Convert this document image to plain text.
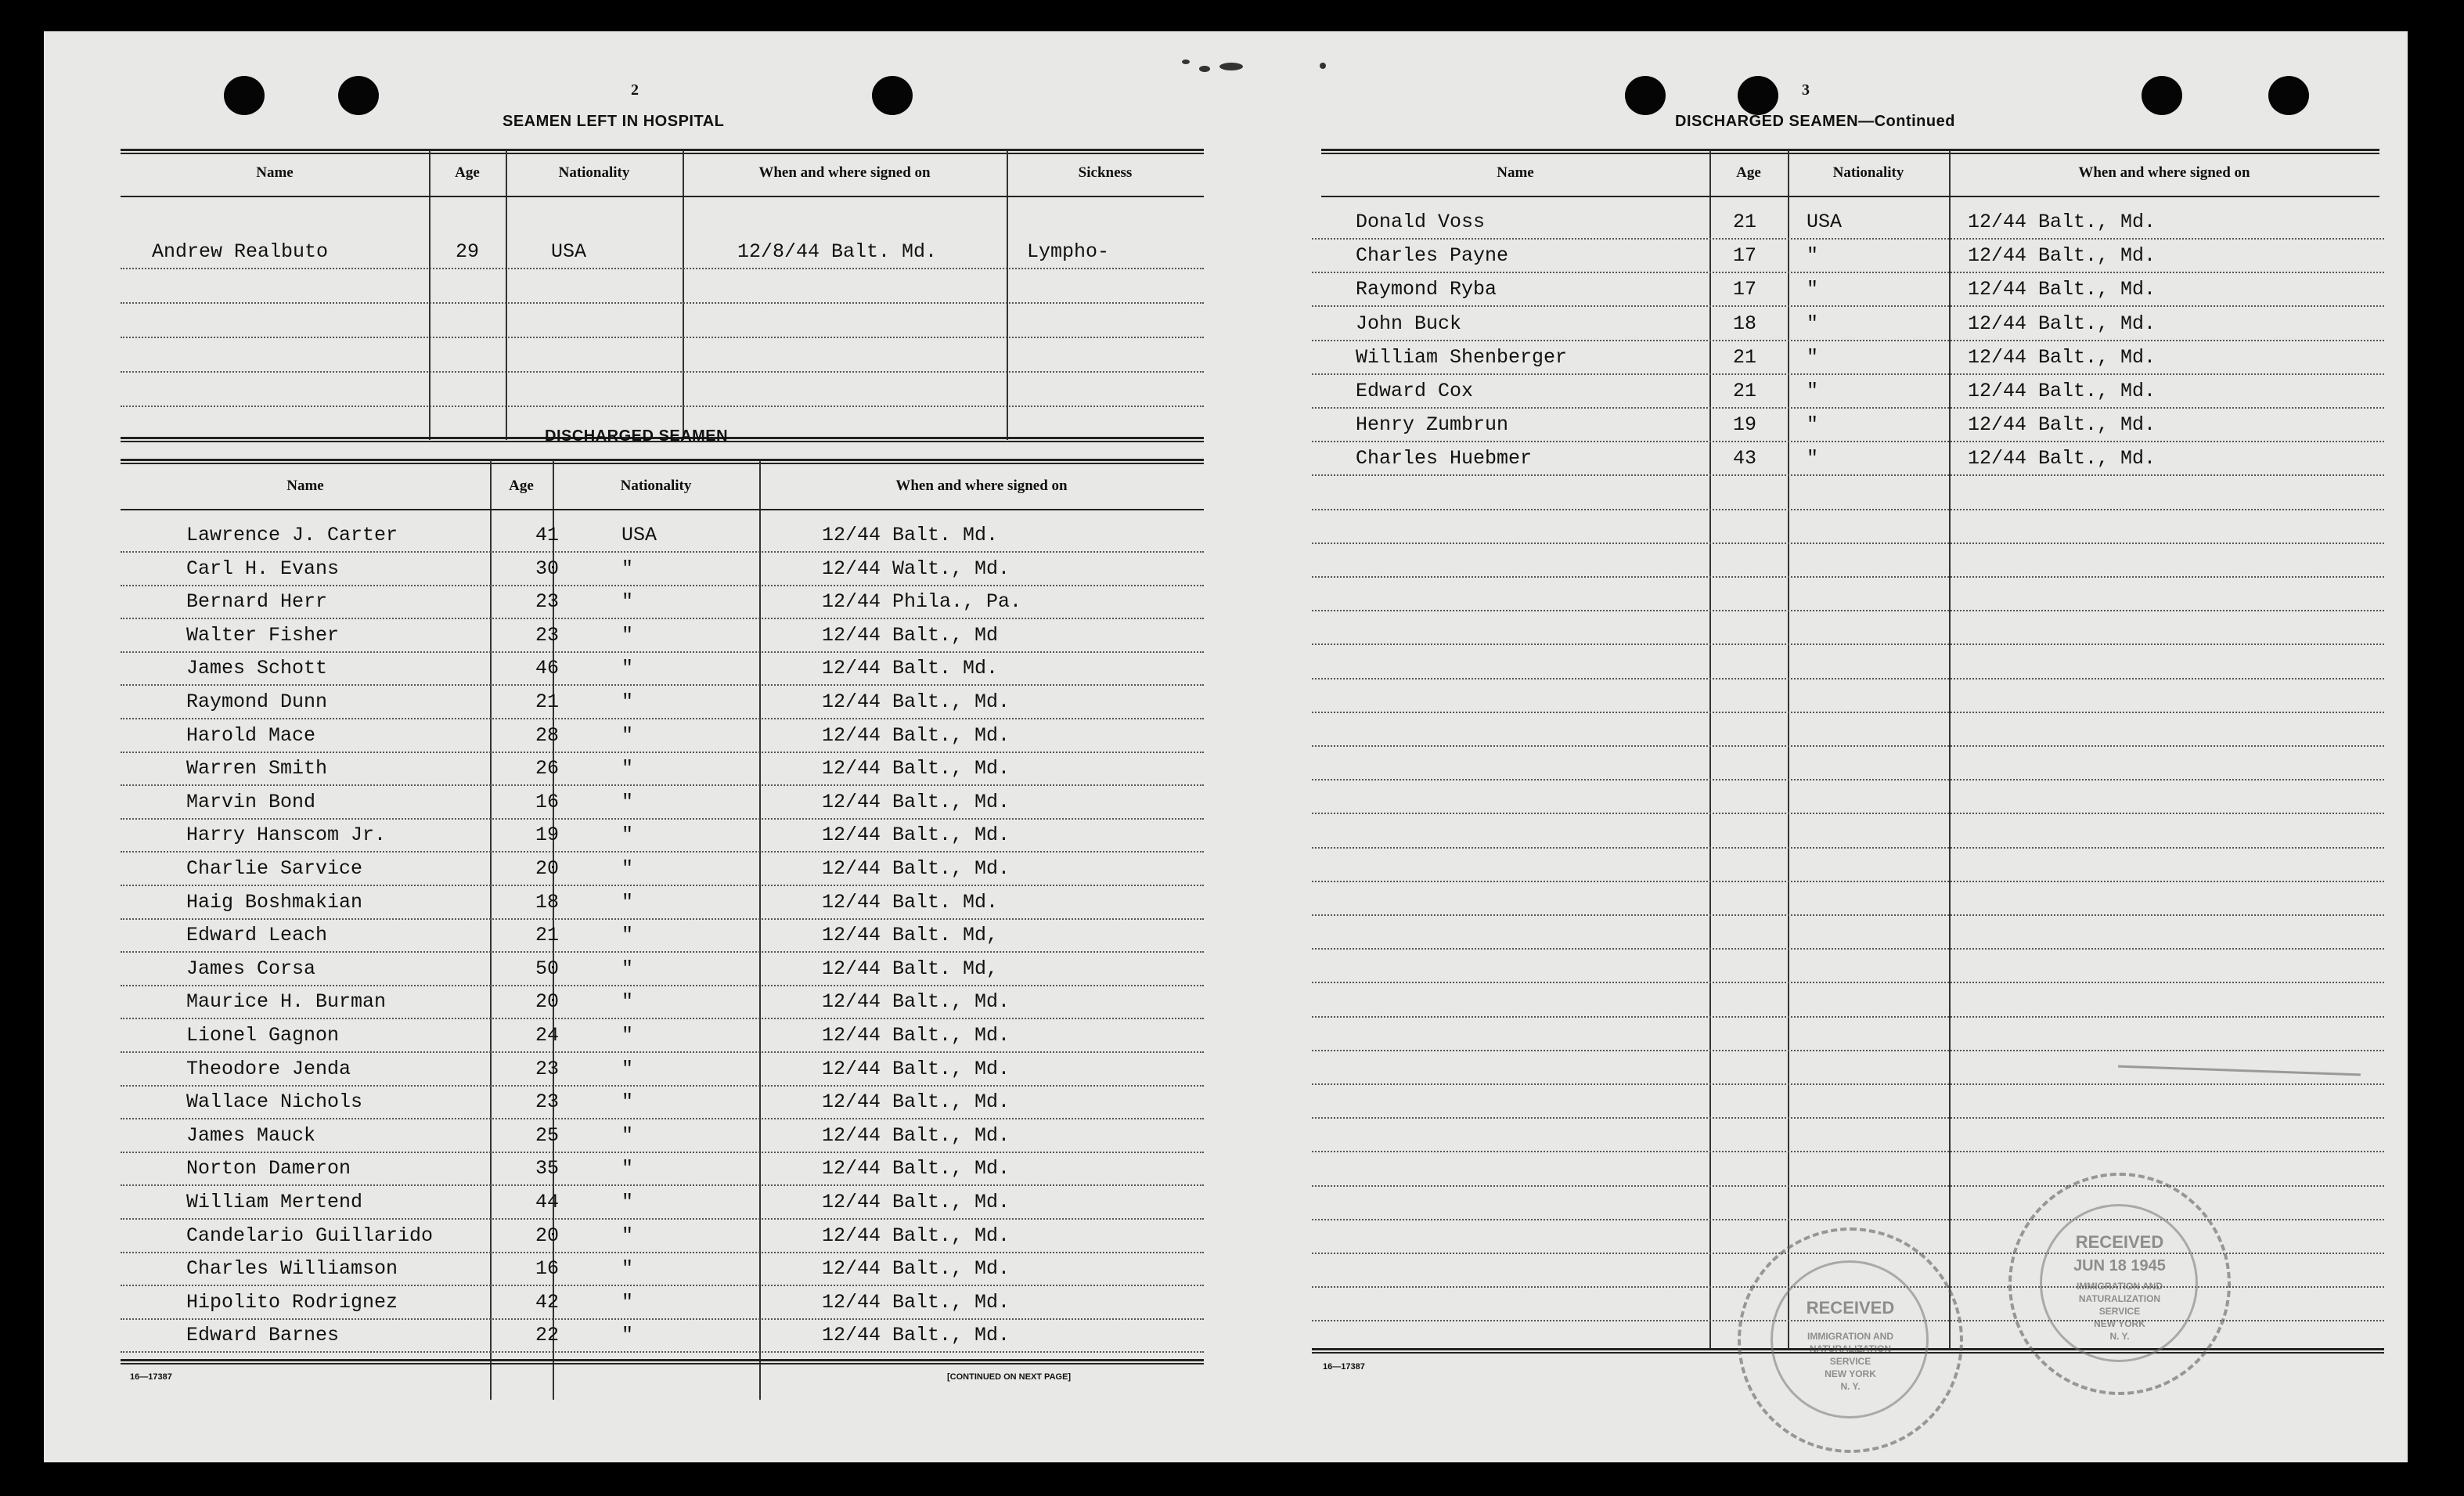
2
SEAMEN LEFT IN HOSPITAL
Name	Age	Nationality	When and where signed on	Sickness
Andrew Realbuto	29	USA	12/8/44 Balt. Md.	Lympho-
DISCHARGED SEAMEN
Name	Age	Nationality	When and where signed on
Lawrence J. Carter	41	USA	12/44 Balt. Md.
Carl H. Evans	30	"	12/44 Walt., Md.
Bernard Herr	23	"	12/44 Phila., Pa.
Walter Fisher	23	"	12/44 Balt., Md
James Schott	46	"	12/44 Balt. Md.
Raymond Dunn	21	"	12/44 Balt., Md.
Harold Mace	28	"	12/44 Balt., Md.
Warren Smith	26	"	12/44 Balt., Md.
Marvin Bond	16	"	12/44 Balt., Md.
Harry Hanscom Jr.	19	"	12/44 Balt., Md.
Charlie Sarvice	20	"	12/44 Balt., Md.
Haig Boshmakian	18	"	12/44 Balt. Md.
Edward Leach	21	"	12/44 Balt. Md,
James Corsa	50	"	12/44 Balt. Md,
Maurice H. Burman	20	"	12/44 Balt., Md.
Lionel Gagnon	24	"	12/44 Balt., Md.
Theodore Jenda	23	"	12/44 Balt., Md.
Wallace Nichols	23	"	12/44 Balt., Md.
James Mauck	25	"	12/44 Balt., Md.
Norton Dameron	35	"	12/44 Balt., Md.
William Mertend	44	"	12/44 Balt., Md.
Candelario Guillarido	20	"	12/44 Balt., Md.
Charles Williamson	16	"	12/44 Balt., Md.
Hipolito Rodrignez	42	"	12/44 Balt., Md.
Edward Barnes	22	"	12/44 Balt., Md.
16—17387	[CONTINUED ON NEXT PAGE]
3
DISCHARGED SEAMEN—Continued
Name	Age	Nationality	When and where signed on
Donald Voss	21	USA	12/44 Balt., Md.
Charles Payne	17	"	12/44 Balt., Md.
Raymond Ryba	17	"	12/44 Balt., Md.
John Buck	18	"	12/44 Balt., Md.
William Shenberger	21	"	12/44 Balt., Md.
Edward Cox	21	"	12/44 Balt., Md.
Henry Zumbrun	19	"	12/44 Balt., Md.
Charles Huebmer	43	"	12/44 Balt., Md.
16—17387
RECEIVED
IMMIGRATION AND
NATURALIZATION
SERVICE
NEW YORK
N. Y.
RECEIVED
JUN 18 1945
IMMIGRATION AND
NATURALIZATION
SERVICE
NEW YORK
N. Y.
